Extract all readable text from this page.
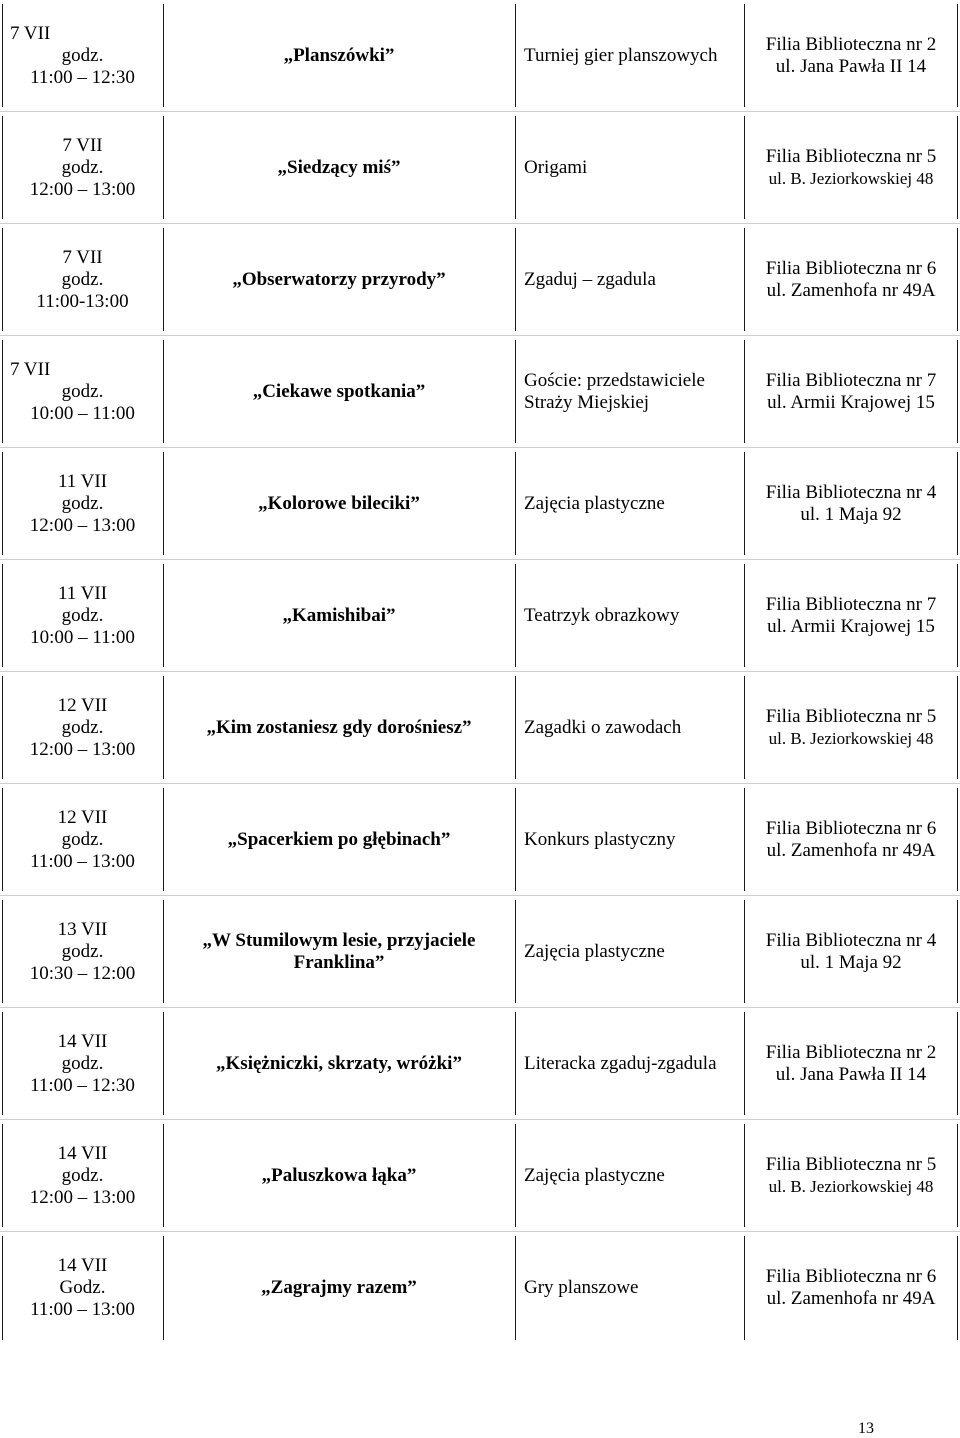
7 VII
godz.
11:00 – 12:30
„Planszówki”	Turniej gier planszowych
Filia Biblioteczna nr 2
ul. Jana Pawła II 14
7 VII
godz.
12:00 – 13:00
„Siedzący miś”	Origami
Filia Biblioteczna nr 5
ul. B. Jeziorkowskiej 48
7 VII
godz.
11:00-13:00
„Obserwatorzy przyrody”	Zgaduj – zgadula
Filia Biblioteczna nr 6
ul. Zamenhofa nr 49A
7 VII
godz.
10:00 – 11:00
„Ciekawe spotkania”
Goście: przedstawiciele Straży Miejskiej
Filia Biblioteczna nr 7
ul. Armii Krajowej 15
11 VII
godz.
12:00 – 13:00
„Kolorowe bileciki”	Zajęcia plastyczne
Filia Biblioteczna nr 4
ul. 1 Maja 92
11 VII
godz.
10:00 – 11:00
„Kamishibai”	Teatrzyk obrazkowy
Filia Biblioteczna nr 7
ul. Armii Krajowej 15
12 VII
godz.
12:00 – 13:00
„Kim zostaniesz gdy dorośniesz”	Zagadki o zawodach
Filia Biblioteczna nr 5
ul. B. Jeziorkowskiej 48
12 VII
godz.
11:00 – 13:00
„Spacerkiem po głębinach”	Konkurs plastyczny
Filia Biblioteczna nr 6
ul. Zamenhofa nr 49A
13 VII
godz.
10:30 – 12:00
„W Stumilowym lesie, przyjaciele Franklina”
Zajęcia plastyczne
Filia Biblioteczna nr 4
ul. 1 Maja 92
14 VII
godz.
11:00 – 12:30
„Księżniczki, skrzaty, wróżki”	Literacka zgaduj-zgadula
Filia Biblioteczna nr 2
ul. Jana Pawła II 14
14 VII
godz.
12:00 – 13:00
„Paluszkowa łąka”	Zajęcia plastyczne
Filia Biblioteczna nr 5
ul. B. Jeziorkowskiej 48
14 VII
Godz.
11:00 – 13:00
„Zagrajmy razem”	Gry planszowe
Filia Biblioteczna nr 6
ul. Zamenhofa nr 49A
13
